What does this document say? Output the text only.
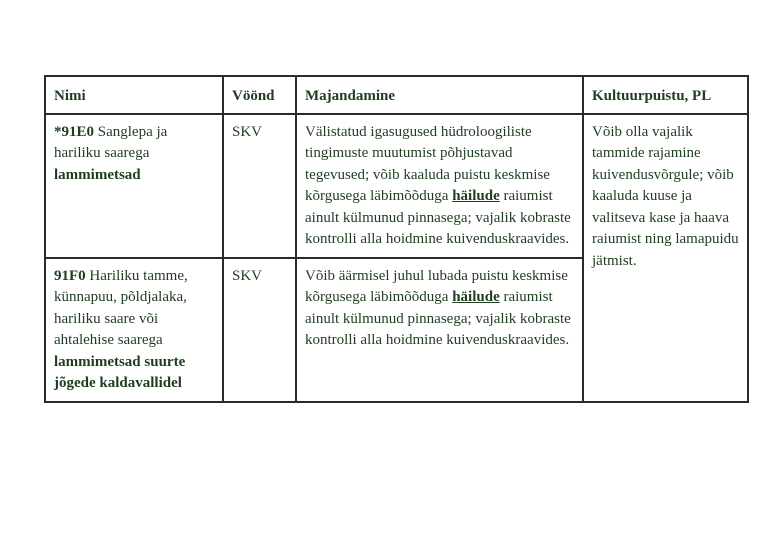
Nimi	Vöönd	Majandamine	Kultuurpuistu, PL
*91E0 Sanglepa ja hariliku saarega lammimetsad	SKV	Välistatud igasugused hüdroloogiliste tingimuste muutumist põhjustavad tegevused; võib kaaluda puistu keskmise kõrgusega läbimõõduga häilude raiumist ainult külmunud pinnasega; vajalik kobraste kontrolli alla hoidmine kuivenduskraavides.	Võib olla vajalik tammide rajamine kuivendusvõrgule; võib kaaluda kuuse ja valitseva kase ja haava raiumist ning lamapuidu jätmist.
91F0 Hariliku tamme, künnapuu, põldjalaka, hariliku saare või ahtalehise saarega lammimetsad suurte jõgede kaldavallidel	SKV	Võib äärmisel juhul lubada puistu keskmise kõrgusega läbimõõduga häilude raiumist ainult külmunud pinnasega; vajalik kobraste kontrolli alla hoidmine kuivenduskraavides.	
